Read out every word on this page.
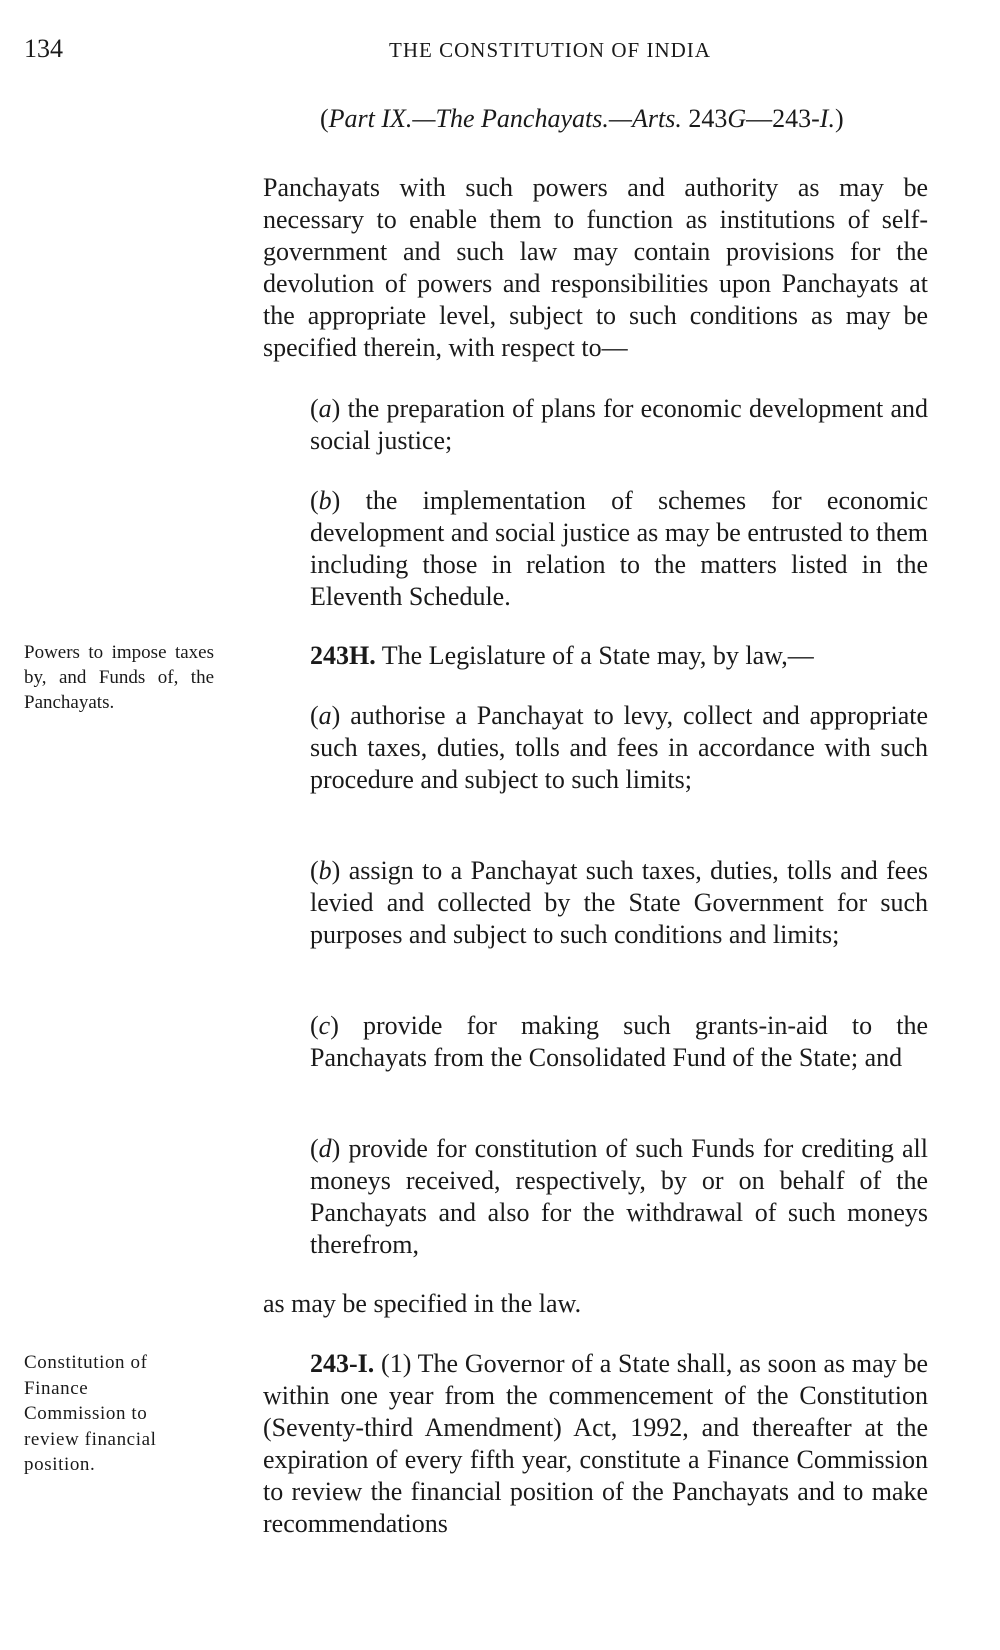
134	THE CONSTITUTION OF INDIA
(Part IX.—The Panchayats.—Arts. 243G—243-I.)

Panchayats with such powers and authority as may be necessary to enable them to function as institutions of self-government and such law may contain provisions for the devolution of powers and responsibilities upon Panchayats at the appropriate level, subject to such conditions as may be specified therein, with respect to—

(a) the preparation of plans for economic development and social justice;

(b) the implementation of schemes for economic development and social justice as may be entrusted to them including those in relation to the matters listed in the Eleventh Schedule.

Powers to impose taxes by, and Funds of, the Panchayats.

243H. The Legislature of a State may, by law,—

(a) authorise a Panchayat to levy, collect and appropriate such taxes, duties, tolls and fees in accordance with such procedure and subject to such limits;

(b) assign to a Panchayat such taxes, duties, tolls and fees levied and collected by the State Government for such purposes and subject to such conditions and limits;

(c) provide for making such grants-in-aid to the Panchayats from the Consolidated Fund of the State; and

(d) provide for constitution of such Funds for crediting all moneys received, respectively, by or on behalf of the Panchayats and also for the withdrawal of such moneys therefrom,

as may be specified in the law.

Constitution of
Finance
Commission to
review financial
position.

243-I. (1) The Governor of a State shall, as soon as may be within one year from the commencement of the Constitution (Seventy-third Amendment) Act, 1992, and thereafter at the expiration of every fifth year, constitute a Finance Commission to review the financial position of the Panchayats and to make recommendations
